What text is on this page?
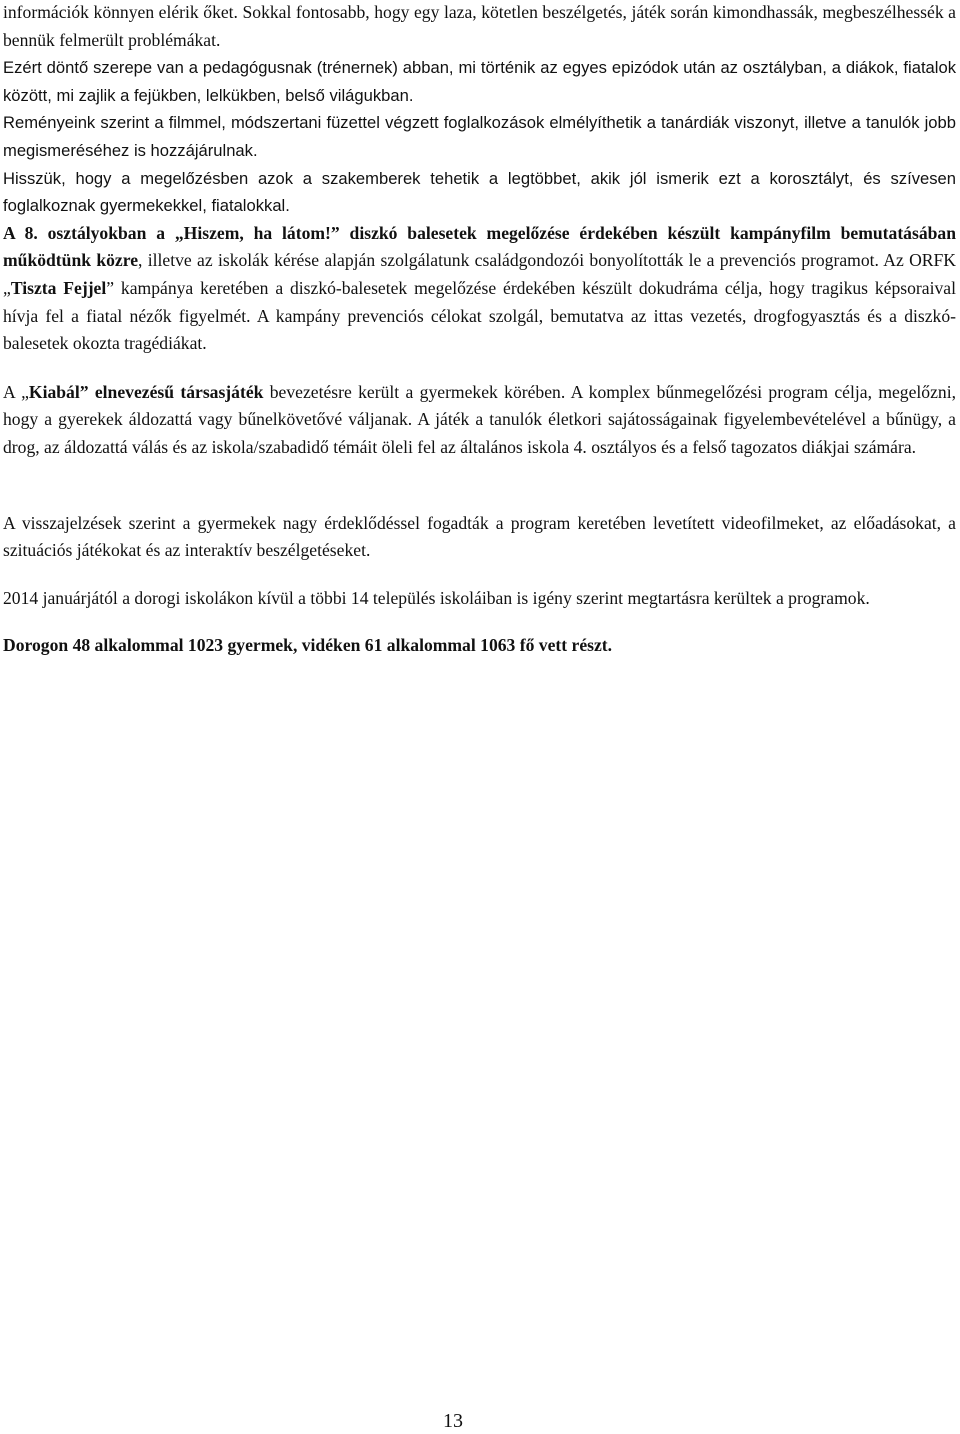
információk könnyen elérik őket. Sokkal fontosabb, hogy egy laza, kötetlen beszélgetés, játék során kimondhassák, megbeszélhessék a bennük felmerült problémákat.

Ezért döntő szerepe van a pedagógusnak (trénernek) abban, mi történik az egyes epizódok után az osztályban, a diákok, fiatalok között, mi zajlik a fejükben, lelkükben, belső világukban.

Reményeink szerint a filmmel, módszertani füzettel végzett foglalkozások elmélyíthetik a tanárdiák viszonyt, illetve a tanulók jobb megismeréséhez is hozzájárulnak.

Hisszük, hogy a megelőzésben azok a szakemberek tehetik a legtöbbet, akik jól ismerik ezt a korosztályt, és szívesen foglalkoznak gyermekekkel, fiatalokkal.

A 8. osztályokban a „Hiszem, ha látom!” diszkó balesetek megelőzése érdekében készült kampányfilm bemutatásában működtünk közre, illetve az iskolák kérése alapján szolgálatunk családgondozói bonyolították le a prevenciós programot. Az ORFK „Tiszta Fejjel” kampánya keretében a diszkó-balesetek megelőzése érdekében készült dokudráma célja, hogy tragikus képsoraival hívja fel a fiatal nézők figyelmét. A kampány prevenciós célokat szolgál, bemutatva az ittas vezetés, drogfogyasztás és a diszkó-balesetek okozta tragédiákat.

A „Kiabál” elnevezésű társasjáték bevezetésre került a gyermekek körében. A komplex bűnmegelőzési program célja, megelőzni, hogy a gyerekek áldozattá vagy bűnelkövetővé váljanak. A játék a tanulók életkori sajátosságainak figyelembevételével a bűnügy, a drog, az áldozattá válás és az iskola/szabadidő témáit öleli fel az általános iskola 4. osztályos és a felső tagozatos diákjai számára.

A visszajelzések szerint a gyermekek nagy érdeklődéssel fogadták a program keretében levetített videofilmeket, az előadásokat, a szituációs játékokat és az interaktív beszélgetéseket.

2014 januárjától a dorogi iskolákon kívül a többi 14 település iskoláiban is igény szerint megtartásra kerültek a programok.

Dorogon 48 alkalommal 1023 gyermek, vidéken 61 alkalommal 1063 fő vett részt.

13
